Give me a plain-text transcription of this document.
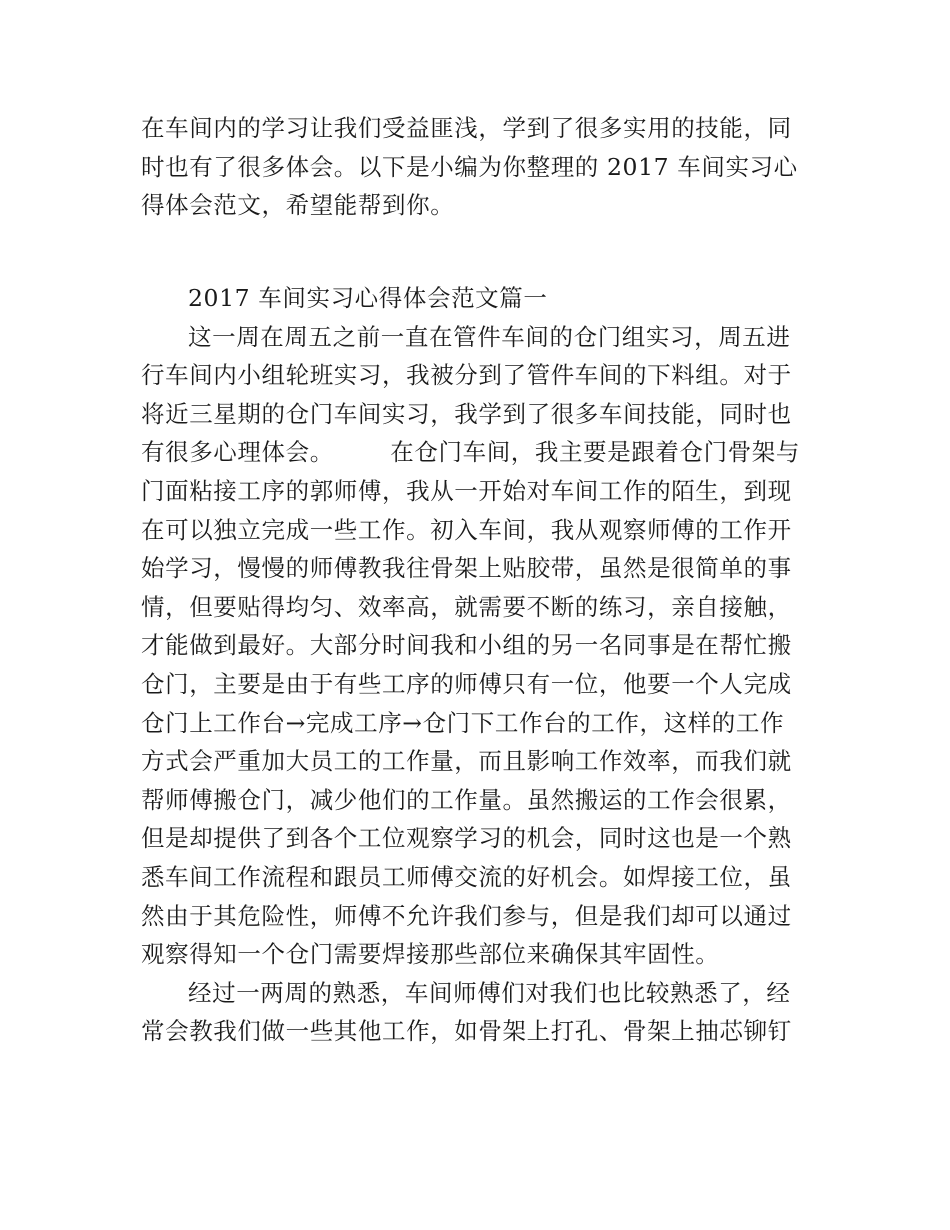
在车间内的学习让我们受益匪浅，学到了很多实用的技能，同
时也有了很多体会。以下是小编为你整理的 2017 车间实习心
得体会范文，希望能帮到你。
2017 车间实习心得体会范文篇一
这一周在周五之前一直在管件车间的仓门组实习，周五进
行车间内小组轮班实习，我被分到了管件车间的下料组。对于
将近三星期的仓门车间实习，我学到了很多车间技能，同时也
有很多心理体会。       在仓门车间，我主要是跟着仓门骨架与
门面粘接工序的郭师傅，我从一开始对车间工作的陌生，到现
在可以独立完成一些工作。初入车间，我从观察师傅的工作开
始学习，慢慢的师傅教我往骨架上贴胶带，虽然是很简单的事
情，但要贴得均匀、效率高，就需要不断的练习，亲自接触，
才能做到最好。大部分时间我和小组的另一名同事是在帮忙搬
仓门，主要是由于有些工序的师傅只有一位，他要一个人完成
仓门上工作台→完成工序→仓门下工作台的工作，这样的工作
方式会严重加大员工的工作量，而且影响工作效率，而我们就
帮师傅搬仓门，减少他们的工作量。虽然搬运的工作会很累，
但是却提供了到各个工位观察学习的机会，同时这也是一个熟
悉车间工作流程和跟员工师傅交流的好机会。如焊接工位，虽
然由于其危险性，师傅不允许我们参与，但是我们却可以通过
观察得知一个仓门需要焊接那些部位来确保其牢固性。
经过一两周的熟悉，车间师傅们对我们也比较熟悉了，经
常会教我们做一些其他工作，如骨架上打孔、骨架上抽芯铆钉
